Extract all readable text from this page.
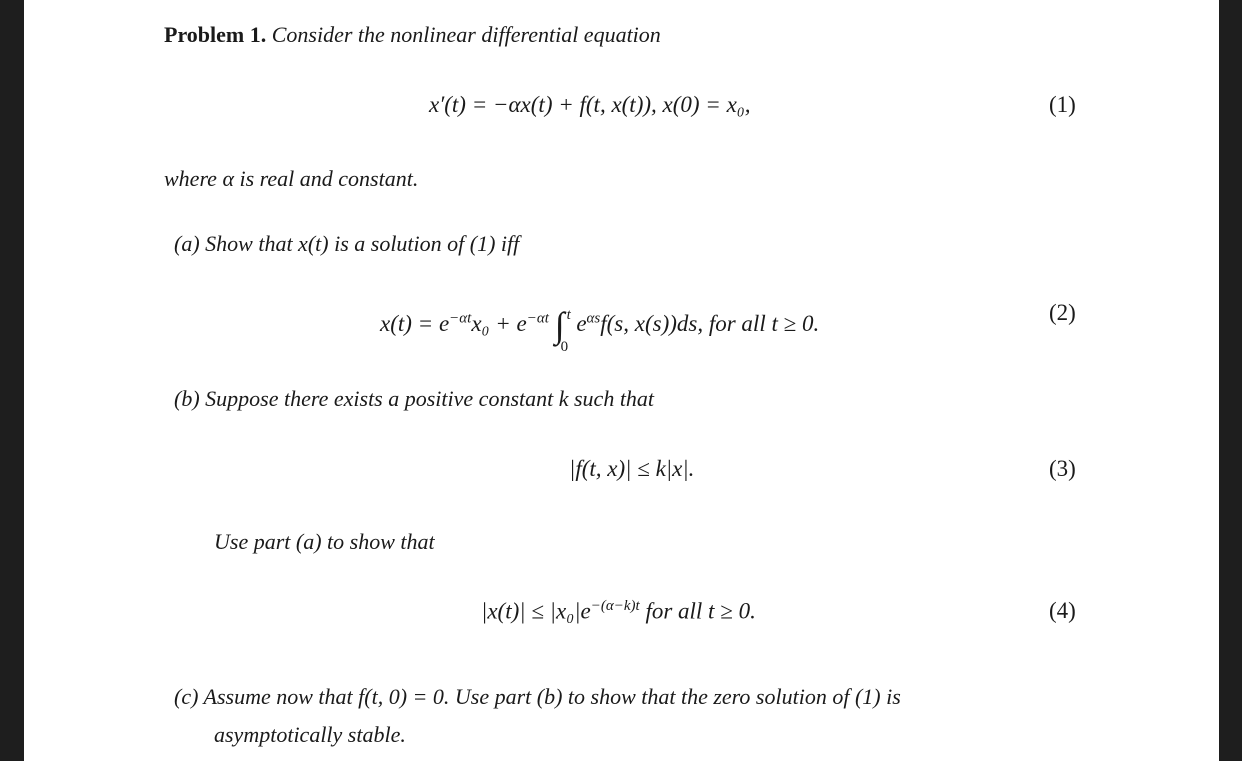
Problem 1. Consider the nonlinear differential equation
x′(t) = −αx(t) + f(t, x(t)), x(0) = x₀,	(1)
where α is real and constant.
(a) Show that x(t) is a solution of (1) iff
$x(t) = e^{-\alpha t}x_0 + e^{-\alpha t}$ ∫ t
0
$e^{\alpha s}f(s$, x(s))ds, for all t ≥ 0.	(2)
(b) Suppose there exists a positive constant k such that
|f(t, x)| ≤ k|x|.	(3)
Use part (a) to show that
$|x(t)| \le |x_0|e^{-(\alpha-k)t}$ for all t ≥ 0.	(4)
(c) Assume now that f(t, 0) = 0. Use part (b) to show that the zero solution of (1) is
asymptotically stable.
